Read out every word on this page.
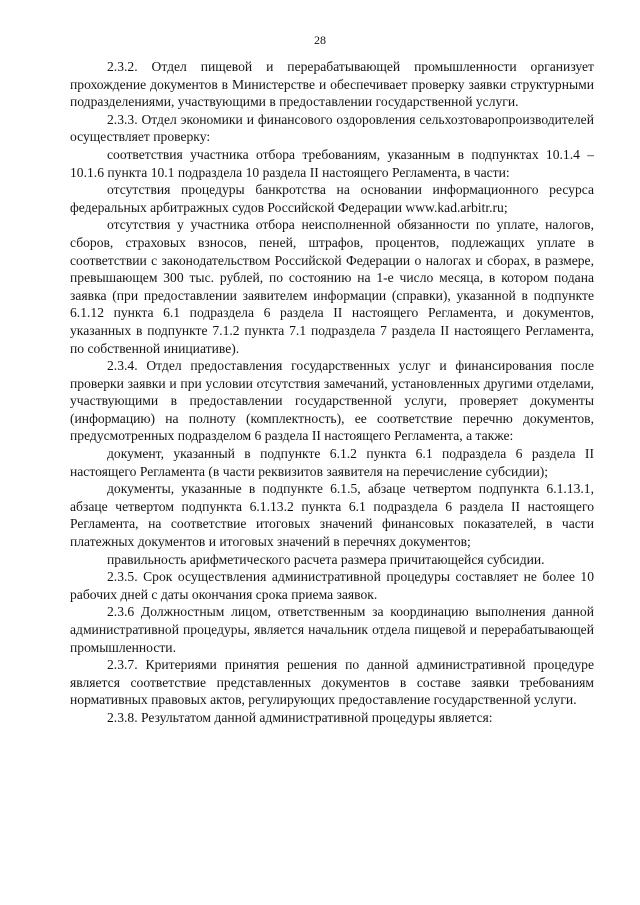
28

2.3.2. Отдел пищевой и перерабатывающей промышленности организует прохождение документов в Министерстве и обеспечивает проверку заявки структурными подразделениями, участвующими в предоставлении государственной услуги.

2.3.3. Отдел экономики и финансового оздоровления сельхозтоваропроизводителей осуществляет проверку:

соответствия участника отбора требованиям, указанным в подпунктах 10.1.4 – 10.1.6 пункта 10.1 подраздела 10 раздела II настоящего Регламента, в части:

отсутствия процедуры банкротства на основании информационного ресурса федеральных арбитражных судов Российской Федерации www.kad.arbitr.ru;

отсутствия у участника отбора неисполненной обязанности по уплате, налогов, сборов, страховых взносов, пеней, штрафов, процентов, подлежащих уплате в соответствии с законодательством Российской Федерации о налогах и сборах, в размере, превышающем 300 тыс. рублей, по состоянию на 1-е число месяца, в котором подана заявка (при предоставлении заявителем информации (справки), указанной в подпункте 6.1.12 пункта 6.1 подраздела 6 раздела II настоящего Регламента, и документов, указанных в подпункте 7.1.2 пункта 7.1 подраздела 7 раздела II настоящего Регламента, по собственной инициативе).

2.3.4. Отдел предоставления государственных услуг и финансирования после проверки заявки и при условии отсутствия замечаний, установленных другими отделами, участвующими в предоставлении государственной услуги, проверяет документы (информацию) на полноту (комплектность), ее соответствие перечню документов, предусмотренных подразделом 6 раздела II настоящего Регламента, а также:

документ, указанный в подпункте 6.1.2 пункта 6.1 подраздела 6 раздела II настоящего Регламента (в части реквизитов заявителя на перечисление субсидии);

документы, указанные в подпункте 6.1.5, абзаце четвертом подпункта 6.1.13.1, абзаце четвертом подпункта 6.1.13.2 пункта 6.1 подраздела 6 раздела II настоящего Регламента, на соответствие итоговых значений финансовых показателей, в части платежных документов и итоговых значений в перечнях документов;

правильность арифметического расчета размера причитающейся субсидии.

2.3.5. Срок осуществления административной процедуры составляет не более 10 рабочих дней с даты окончания срока приема заявок.

2.3.6 Должностным лицом, ответственным за координацию выполнения данной административной процедуры, является начальник отдела пищевой и перерабатывающей промышленности.

2.3.7. Критериями принятия решения по данной административной процедуре является соответствие представленных документов в составе заявки требованиям нормативных правовых актов, регулирующих предоставление государственной услуги.

2.3.8. Результатом данной административной процедуры является:
